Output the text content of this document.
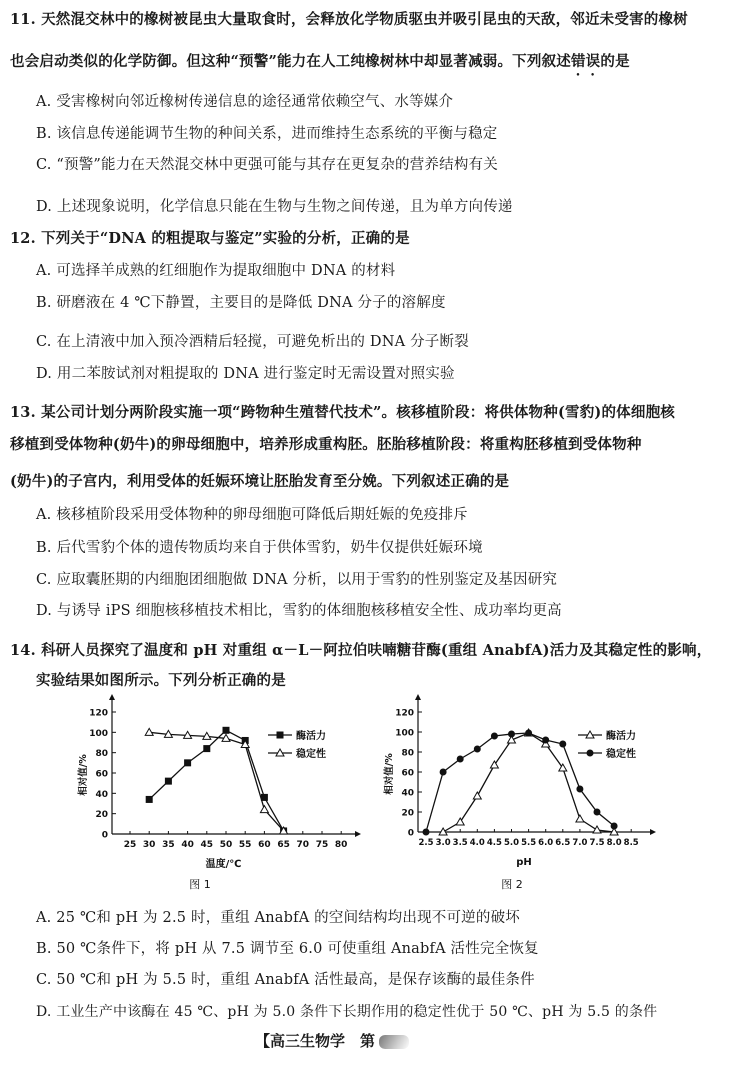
11. 天然混交林中的橡树被昆虫大量取食时，会释放化学物质驱虫并吸引昆虫的天敌，邻近未受害的橡树
也会启动类似的化学防御。但这种“预警”能力在人工纯橡树林中却显著减弱。下列叙述错误的是
A. 受害橡树向邻近橡树传递信息的途径通常依赖空气、水等媒介
B. 该信息传递能调节生物的种间关系，进而维持生态系统的平衡与稳定
C. “预警”能力在天然混交林中更强可能与其存在更复杂的营养结构有关
D. 上述现象说明，化学信息只能在生物与生物之间传递，且为单方向传递
12. 下列关于“DNA 的粗提取与鉴定”实验的分析，正确的是
A. 可选择羊成熟的红细胞作为提取细胞中 DNA 的材料
B. 研磨液在 4 ℃下静置，主要目的是降低 DNA 分子的溶解度
C. 在上清液中加入预冷酒精后轻搅，可避免析出的 DNA 分子断裂
D. 用二苯胺试剂对粗提取的 DNA 进行鉴定时无需设置对照实验
13. 某公司计划分两阶段实施一项“跨物种生殖替代技术”。核移植阶段：将供体物种(雪豹)的体细胞核
移植到受体物种(奶牛)的卵母细胞中，培养形成重构胚。胚胎移植阶段：将重构胚移植到受体物种
(奶牛)的子宫内，利用受体的妊娠环境让胚胎发育至分娩。下列叙述正确的是
A. 核移植阶段采用受体物种的卵母细胞可降低后期妊娠的免疫排斥
B. 后代雪豹个体的遗传物质均来自于供体雪豹，奶牛仅提供妊娠环境
C. 应取囊胚期的内细胞团细胞做 DNA 分析，以用于雪豹的性别鉴定及基因研究
D. 与诱导 iPS 细胞核移植技术相比，雪豹的体细胞核移植安全性、成功率均更高
14. 科研人员探究了温度和 pH 对重组 α－L－阿拉伯呋喃糖苷酶(重组 AnabfA)活力及其稳定性的影响，
实验结果如图所示。下列分析正确的是
0
20
40
60
80
100
120
25 30 35 40 45 50 55 60 65 70 75 80
相对值/%
温度/℃
图 1
酶活力
稳定性
0
20
40
60
80
100
120
2.5 3.0 3.5 4.0 4.5 5.0 5.5 6.0 6.5 7.0 7.5 8.0 8.5
相对值/%
pH
图 2
酶活力
稳定性
A. 25 ℃和 pH 为 2.5 时，重组 AnabfA 的空间结构均出现不可逆的破坏
B. 50 ℃条件下，将 pH 从 7.5 调节至 6.0 可使重组 AnabfA 活性完全恢复
C. 50 ℃和 pH 为 5.5 时，重组 AnabfA 活性最高，是保存该酶的最佳条件
D. 工业生产中该酶在 45 ℃、pH 为 5.0 条件下长期作用的稳定性优于 50 ℃、pH 为 5.5 的条件
【高三生物学　第
